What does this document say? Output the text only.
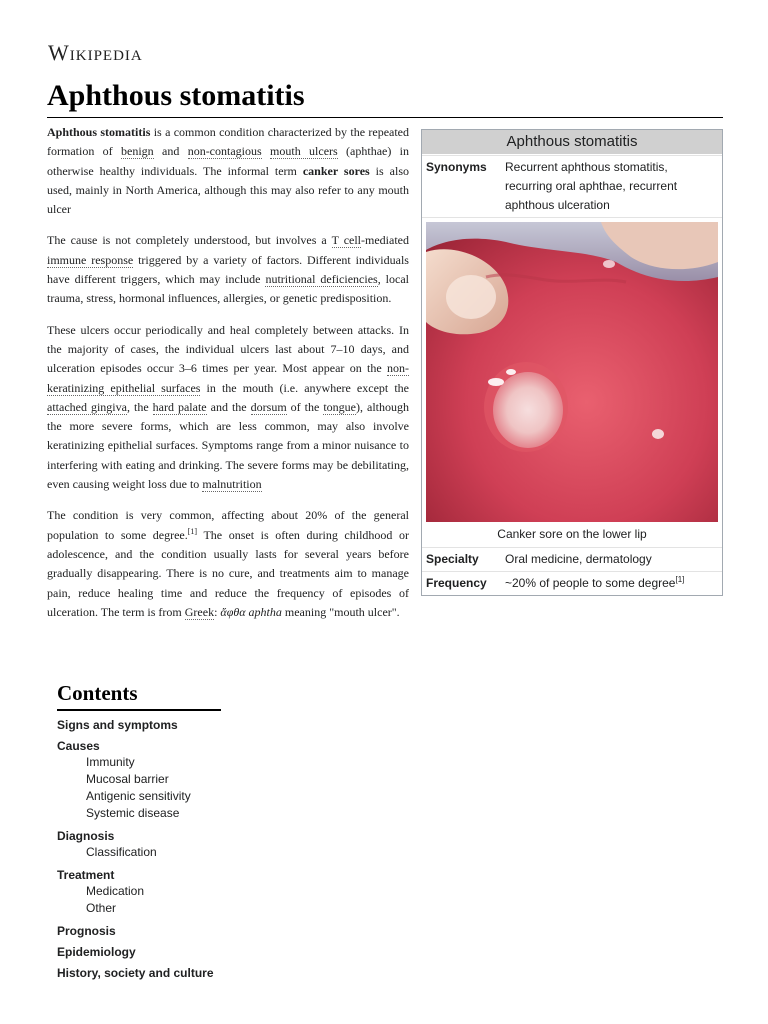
Wikipedia
Aphthous stomatitis
Aphthous stomatitis
Synonyms	Recurrent aphthous stomatitis, recurring oral aphthae, recurrent aphthous ulceration
Canker sore on the lower lip
Specialty	Oral medicine, dermatology
Frequency	~20% of people to some degree[1]

Aphthous stomatitis is a common condition characterized by the repeated formation of benign and non-contagious mouth ulcers (aphthae) in otherwise healthy individuals. The informal term canker sores is also used, mainly in North America, although this may also refer to any mouth ulcer

The cause is not completely understood, but involves a T cell-mediated immune response triggered by a variety of factors. Different individuals have different triggers, which may include nutritional deficiencies, local trauma, stress, hormonal influences, allergies, or genetic predisposition.

These ulcers occur periodically and heal completely between attacks. In the majority of cases, the individual ulcers last about 7–10 days, and ulceration episodes occur 3–6 times per year. Most appear on the non-keratinizing epithelial surfaces in the mouth (i.e. anywhere except the attached gingiva, the hard palate and the dorsum of the tongue), although the more severe forms, which are less common, may also involve keratinizing epithelial surfaces. Symptoms range from a minor nuisance to interfering with eating and drinking. The severe forms may be debilitating, even causing weight loss due to malnutrition

The condition is very common, affecting about 20% of the general population to some degree.[1] The onset is often during childhood or adolescence, and the condition usually lasts for several years before gradually disappearing. There is no cure, and treatments aim to manage pain, reduce healing time and reduce the frequency of episodes of ulceration. The term is from Greek: ἄφθα aphtha meaning "mouth ulcer".

Contents
Signs and symptoms
Causes
Immunity
Mucosal barrier
Antigenic sensitivity
Systemic disease
Diagnosis
Classification
Treatment
Medication
Other
Prognosis
Epidemiology
History, society and culture
